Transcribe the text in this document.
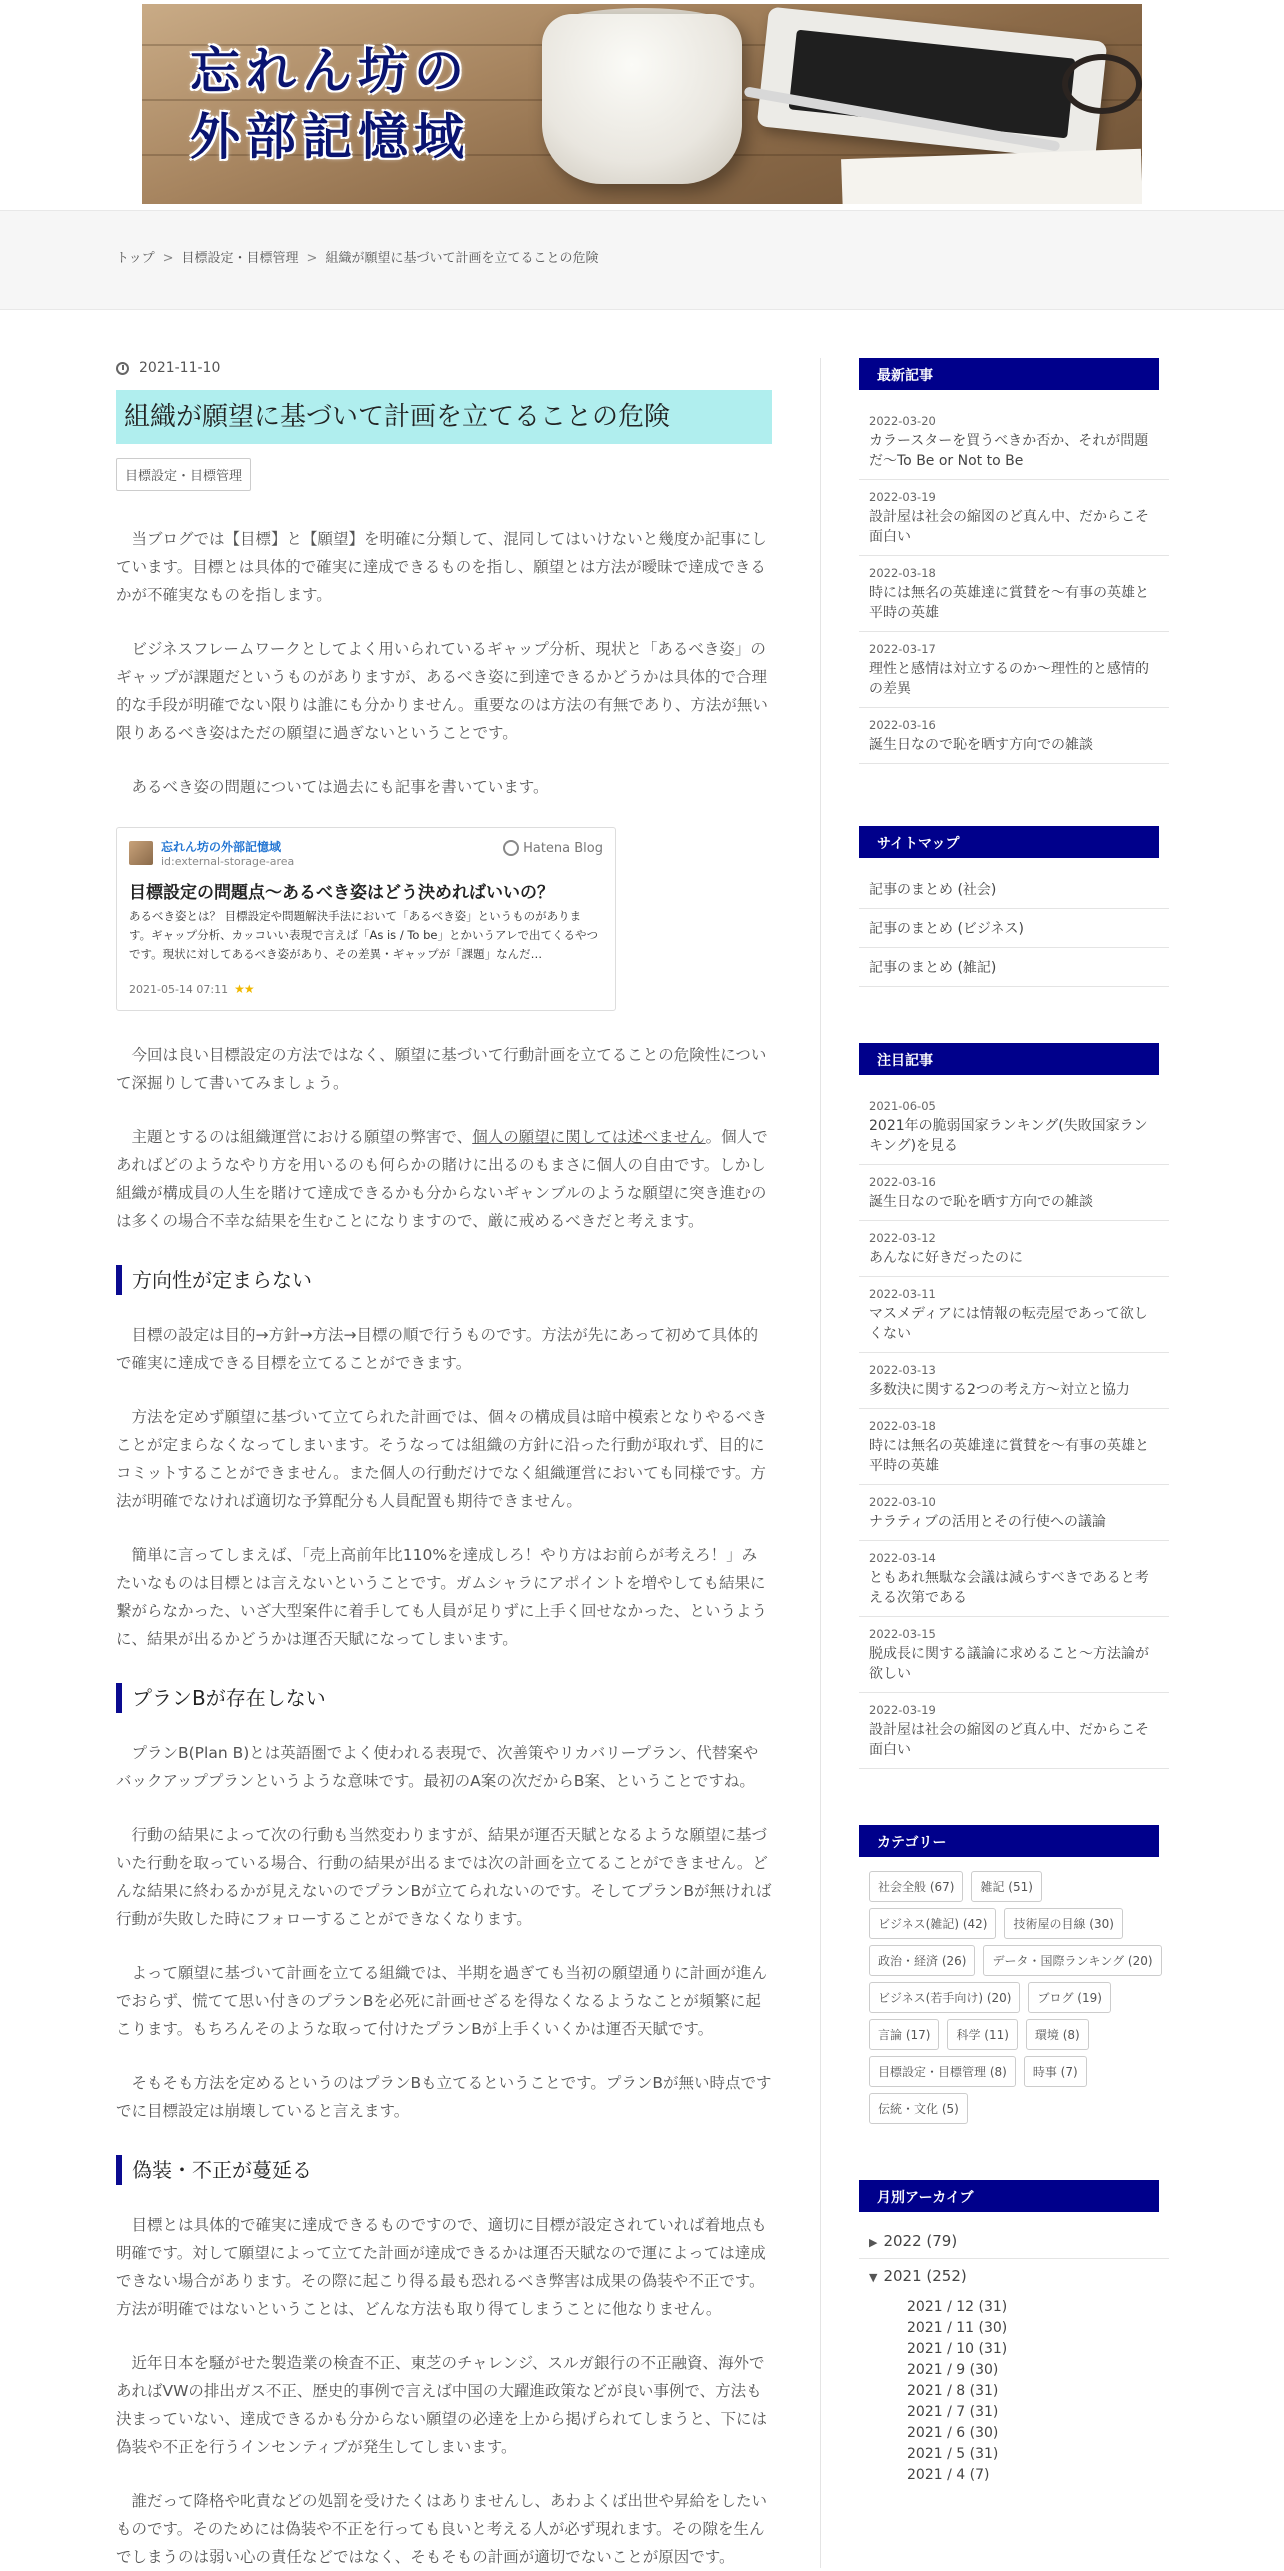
忘れん坊の
外部記憶域
トップ > 目標設定・目標管理 > 組織が願望に基づいて計画を立てることの危険
2021-11-10
組織が願望に基づいて計画を立てることの危険
目標設定・目標管理

当ブログでは【目標】と【願望】を明確に分類して、混同してはいけないと幾度か記事にしています。目標とは具体的で確実に達成できるものを指し、願望とは方法が曖昧で達成できるかが不確実なものを指します。

ビジネスフレームワークとしてよく用いられているギャップ分析、現状と「あるべき姿」のギャップが課題だというものがありますが、あるべき姿に到達できるかどうかは具体的で合理的な手段が明確でない限りは誰にも分かりません。重要なのは方法の有無であり、方法が無い限りあるべき姿はただの願望に過ぎないということです。

あるべき姿の問題については過去にも記事を書いています。

忘れん坊の外部記憶域
id:external-storage-area
Hatena Blog
目標設定の問題点～あるべき姿はどう決めればいいの？
あるべき姿とは？ 目標設定や問題解決手法において「あるべき姿」というものがあります。ギャップ分析、カッコいい表現で言えば「As is / To be」とかいうアレで出てくるやつです。現状に対してあるべき姿があり、その差異・ギャップが「課題」なんだ…
2021-05-14 07:11 ★★

今回は良い目標設定の方法ではなく、願望に基づいて行動計画を立てることの危険性について深掘りして書いてみましょう。

主題とするのは組織運営における願望の弊害で、個人の願望に関しては述べません。個人であればどのようなやり方を用いるのも何らかの賭けに出るのもまさに個人の自由です。しかし組織が構成員の人生を賭けて達成できるかも分からないギャンブルのような願望に突き進むのは多くの場合不幸な結果を生むことになりますので、厳に戒めるべきだと考えます。

方向性が定まらない

目標の設定は目的→方針→方法→目標の順で行うものです。方法が先にあって初めて具体的で確実に達成できる目標を立てることができます。

方法を定めず願望に基づいて立てられた計画では、個々の構成員は暗中模索となりやるべきことが定まらなくなってしまいます。そうなっては組織の方針に沿った行動が取れず、目的にコミットすることができません。また個人の行動だけでなく組織運営においても同様です。方法が明確でなければ適切な予算配分も人員配置も期待できません。

簡単に言ってしまえば、「売上高前年比110%を達成しろ！やり方はお前らが考えろ！」みたいなものは目標とは言えないということです。ガムシャラにアポイントを増やしても結果に繋がらなかった、いざ大型案件に着手しても人員が足りずに上手く回せなかった、というように、結果が出るかどうかは運否天賦になってしまいます。

プランBが存在しない

プランB(Plan B)とは英語圏でよく使われる表現で、次善策やリカバリープラン、代替案やバックアッププランというような意味です。最初のA案の次だからB案、ということですね。

行動の結果によって次の行動も当然変わりますが、結果が運否天賦となるような願望に基づいた行動を取っている場合、行動の結果が出るまでは次の計画を立てることができません。どんな結果に終わるかが見えないのでプランBが立てられないのです。そしてプランBが無ければ行動が失敗した時にフォローすることができなくなります。

よって願望に基づいて計画を立てる組織では、半期を過ぎても当初の願望通りに計画が進んでおらず、慌てて思い付きのプランBを必死に計画せざるを得なくなるようなことが頻繁に起こります。もちろんそのような取って付けたプランBが上手くいくかは運否天賦です。

そもそも方法を定めるというのはプランBも立てるということです。プランBが無い時点ですでに目標設定は崩壊していると言えます。

偽装・不正が蔓延る

目標とは具体的で確実に達成できるものですので、適切に目標が設定されていれば着地点も明確です。対して願望によって立てた計画が達成できるかは運否天賦なので運によっては達成できない場合があります。その際に起こり得る最も恐れるべき弊害は成果の偽装や不正です。方法が明確ではないということは、どんな方法も取り得てしまうことに他なりません。

近年日本を騒がせた製造業の検査不正、東芝のチャレンジ、スルガ銀行の不正融資、海外であればVWの排出ガス不正、歴史的事例で言えば中国の大躍進政策などが良い事例で、方法も決まっていない、達成できるかも分からない願望の必達を上から掲げられてしまうと、下には偽装や不正を行うインセンティブが発生してしまいます。

誰だって降格や叱責などの処罰を受けたくはありませんし、あわよくば出世や昇給をしたいものです。そのためには偽装や不正を行っても良いと考える人が必ず現れます。その隙を生んでしまうのは弱い心の責任などではなく、そもそもの計画が適切でないことが原因です。

最新記事
2022-03-20
カラースターを買うべきか否か、それが問題だ～To Be or Not to Be
2022-03-19
設計屋は社会の縮図のど真ん中、だからこそ面白い
2022-03-18
時には無名の英雄達に賞賛を～有事の英雄と平時の英雄
2022-03-17
理性と感情は対立するのか～理性的と感情的の差異
2022-03-16
誕生日なので恥を晒す方向での雑談
サイトマップ
記事のまとめ (社会)
記事のまとめ (ビジネス)
記事のまとめ (雑記)
注目記事
2021-06-05
2021年の脆弱国家ランキング(失敗国家ランキング)を見る
2022-03-16
誕生日なので恥を晒す方向での雑談
2022-03-12
あんなに好きだったのに
2022-03-11
マスメディアには情報の転売屋であって欲しくない
2022-03-13
多数決に関する2つの考え方～対立と協力
2022-03-18
時には無名の英雄達に賞賛を～有事の英雄と平時の英雄
2022-03-10
ナラティブの活用とその行使への議論
2022-03-14
ともあれ無駄な会議は減らすべきであると考える次第である
2022-03-15
脱成長に関する議論に求めること～方法論が欲しい
2022-03-19
設計屋は社会の縮図のど真ん中、だからこそ面白い
カテゴリー
社会全般 (67)	雑記 (51)
ビジネス(雑記) (42)	技術屋の目線 (30)
政治・経済 (26)	データ・国際ランキング (20)
ビジネス(若手向け) (20)	ブログ (19)
言論 (17)	科学 (11)	環境 (8)
目標設定・目標管理 (8)	時事 (7)
伝統・文化 (5)
月別アーカイブ
▶ 2022 (79)
▼ 2021 (252)
2021 / 12 (31)
2021 / 11 (30)
2021 / 10 (31)
2021 / 9 (30)
2021 / 8 (31)
2021 / 7 (31)
2021 / 6 (30)
2021 / 5 (31)
2021 / 4 (7)
